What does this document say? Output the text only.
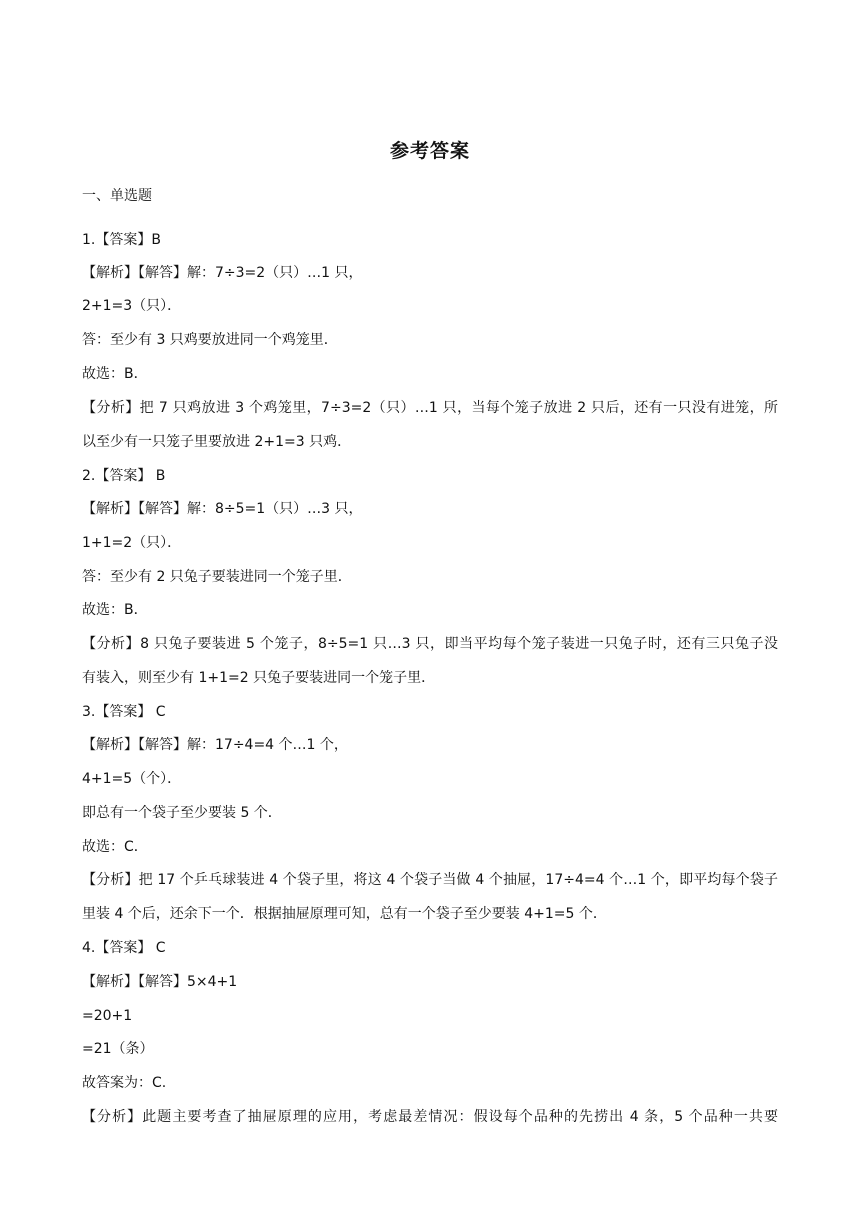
参考答案
一、单选题
1.【答案】B
【解析】【解答】解：7÷3=2（只）…1 只，
2+1=3（只）．
答：至少有 3 只鸡要放进同一个鸡笼里．
故选：B．
【分析】把 7 只鸡放进 3 个鸡笼里，7÷3=2（只）…1 只，当每个笼子放进 2 只后，还有一只没有进笼，所
以至少有一只笼子里要放进 2+1=3 只鸡．
2.【答案】 B
【解析】【解答】解：8÷5=1（只）…3 只，
1+1=2（只）．
答：至少有 2 只兔子要装进同一个笼子里．
故选：B．
【分析】8 只兔子要装进 5 个笼子，8÷5=1 只…3 只，即当平均每个笼子装进一只兔子时，还有三只兔子没
有装入，则至少有 1+1=2 只兔子要装进同一个笼子里．
3.【答案】 C
【解析】【解答】解：17÷4=4 个…1 个，
4+1=5（个）．
即总有一个袋子至少要装 5 个．
故选：C．
【分析】把 17 个乒乓球装进 4 个袋子里，将这 4 个袋子当做 4 个抽屉，17÷4=4 个…1 个，即平均每个袋子
里装 4 个后，还余下一个．根据抽屉原理可知，总有一个袋子至少要装 4+1=5 个．
4.【答案】 C
【解析】【解答】5×4+1
=20+1
=21（条）
故答案为：C.
【分析】此题主要考查了抽屉原理的应用，考虑最差情况：假设每个品种的先捞出 4 条，5 个品种一共要
